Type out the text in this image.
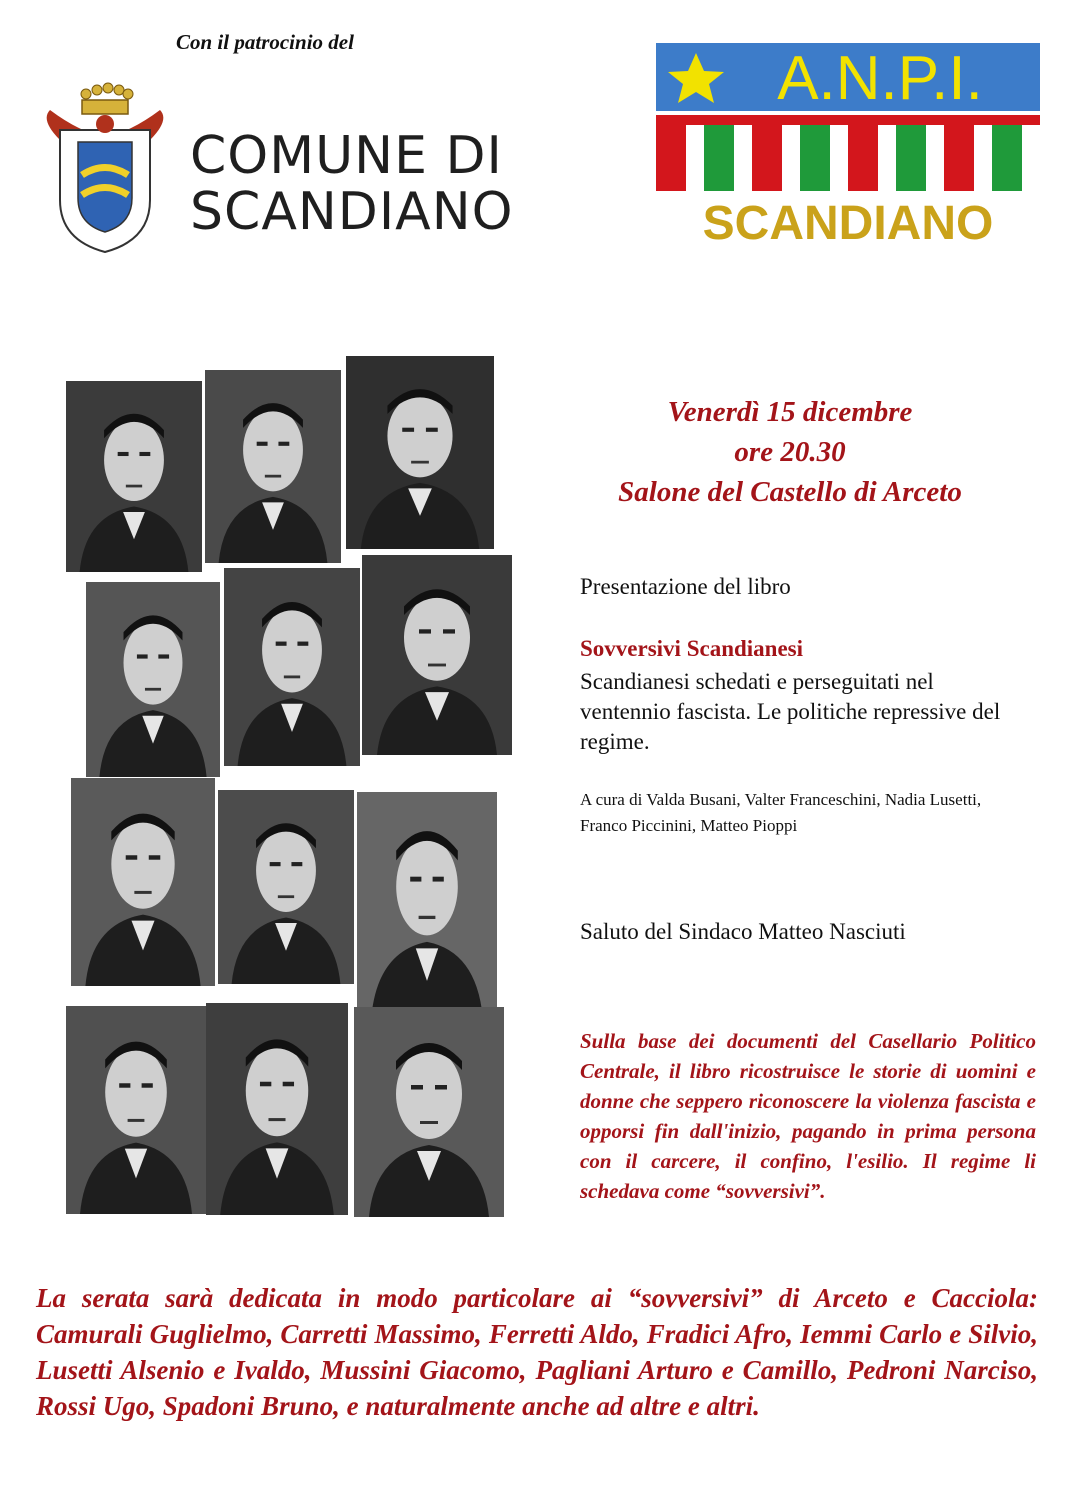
Con il patrocinio del
COMUNE DI
SCANDIANO
A.N.P.I.
SCANDIANO
Venerdì 15 dicembre
ore 20.30
Salone del Castello di Arceto
Presentazione del libro
Sovversivi Scandianesi
Scandianesi schedati e perseguitati nel ventennio fascista. Le politiche repressive del regime.
A cura di Valda Busani, Valter Franceschini, Nadia Lusetti, Franco Piccinini, Matteo Pioppi
Saluto del Sindaco Matteo Nasciuti
Sulla base dei documenti del Casellario Politico Centrale, il libro ricostruisce le storie di uomini e donne che seppero riconoscere la violenza fascista e opporsi fin dall'inizio, pagando in prima persona con il carcere, il confino, l'esilio. Il regime li schedava come “sovversivi”.
La serata sarà dedicata in modo particolare ai “sovversivi” di Arceto e Cacciola: Camurali Guglielmo, Carretti Massimo, Ferretti Aldo, Fradici Afro, Iemmi Carlo e Silvio, Lusetti Alsenio e Ivaldo, Mussini Giacomo, Pagliani Arturo e Camillo, Pedroni Narciso, Rossi Ugo, Spadoni Bruno, e naturalmente anche ad altre e altri.
